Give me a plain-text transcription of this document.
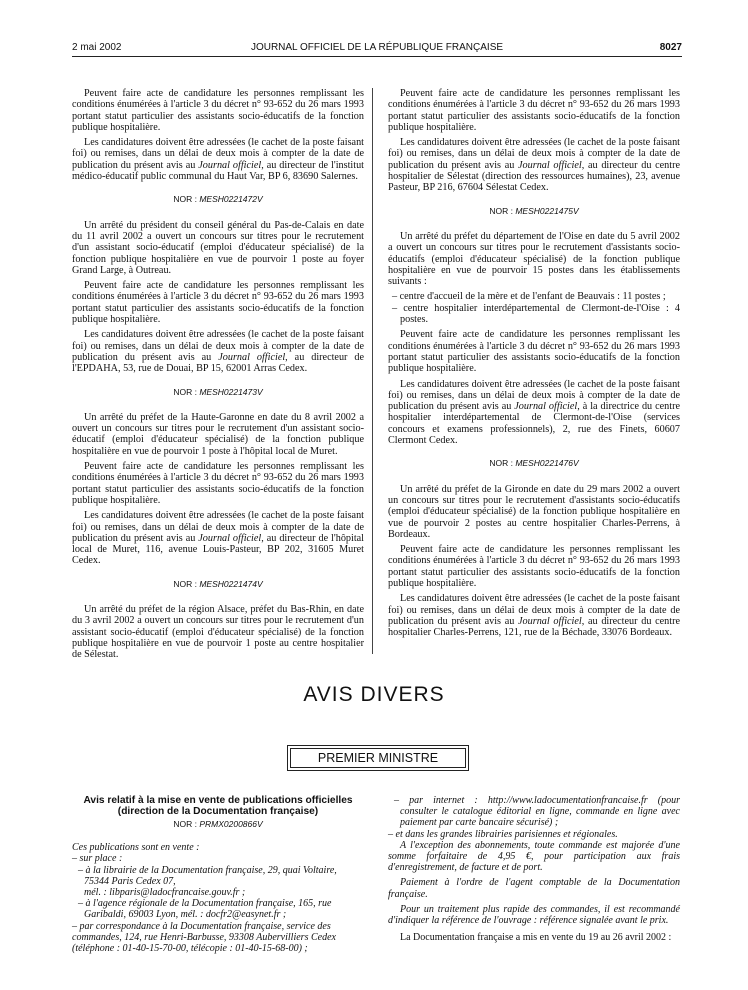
2 mai 2002	JOURNAL OFFICIEL DE LA RÉPUBLIQUE FRANÇAISE	8027

Peuvent faire acte de candidature les personnes remplissant les conditions énumérées à l'article 3 du décret n° 93-652 du 26 mars 1993 portant statut particulier des assistants socio-éducatifs de la fonction publique hospitalière.

Les candidatures doivent être adressées (le cachet de la poste faisant foi) ou remises, dans un délai de deux mois à compter de la date de publication du présent avis au Journal officiel, au directeur de l'institut médico-éducatif public communal du Haut Var, BP 6, 83690 Salernes.

NOR : MESH0221472V

Un arrêté du président du conseil général du Pas-de-Calais en date du 11 avril 2002 a ouvert un concours sur titres pour le recrutement d'un assistant socio-éducatif (emploi d'éducateur spécialisé) de la fonction publique hospitalière en vue de pourvoir 1 poste au foyer Grand Large, à Outreau.

Peuvent faire acte de candidature les personnes remplissant les conditions énumérées à l'article 3 du décret n° 93-652 du 26 mars 1993 portant statut particulier des assistants socio-éducatifs de la fonction publique hospitalière.

Les candidatures doivent être adressées (le cachet de la poste faisant foi) ou remises, dans un délai de deux mois à compter de la date de publication du présent avis au Journal officiel, au directeur de l'EPDAHA, 53, rue de Douai, BP 15, 62001 Arras Cedex.

NOR : MESH0221473V

Un arrêté du préfet de la Haute-Garonne en date du 8 avril 2002 a ouvert un concours sur titres pour le recrutement d'un assistant socio-éducatif (emploi d'éducateur spécialisé) de la fonction publique hospitalière en vue de pourvoir 1 poste à l'hôpital local de Muret.

Peuvent faire acte de candidature les personnes remplissant les conditions énumérées à l'article 3 du décret n° 93-652 du 26 mars 1993 portant statut particulier des assistants socio-éducatifs de la fonction publique hospitalière.

Les candidatures doivent être adressées (le cachet de la poste faisant foi) ou remises, dans un délai de deux mois à compter de la date de publication du présent avis au Journal officiel, au directeur de l'hôpital local de Muret, 116, avenue Louis-Pasteur, BP 202, 31605 Muret Cedex.

NOR : MESH0221474V

Un arrêté du préfet de la région Alsace, préfet du Bas-Rhin, en date du 3 avril 2002 a ouvert un concours sur titres pour le recrutement d'un assistant socio-éducatif (emploi d'éducateur spécialisé) de la fonction publique hospitalière en vue de pourvoir 1 poste au centre hospitalier de Sélestat.

Peuvent faire acte de candidature les personnes remplissant les conditions énumérées à l'article 3 du décret n° 93-652 du 26 mars 1993 portant statut particulier des assistants socio-éducatifs de la fonction publique hospitalière.

Les candidatures doivent être adressées (le cachet de la poste faisant foi) ou remises, dans un délai de deux mois à compter de la date de publication du présent avis au Journal officiel, au directeur du centre hospitalier de Sélestat (direction des ressources humaines), 23, avenue Pasteur, BP 216, 67604 Sélestat Cedex.

NOR : MESH0221475V

Un arrêté du préfet du département de l'Oise en date du 5 avril 2002 a ouvert un concours sur titres pour le recrutement d'assistants socio-éducatifs (emploi d'éducateur spécialisé) de la fonction publique hospitalière en vue de pourvoir 15 postes dans les établissements suivants :

– centre d'accueil de la mère et de l'enfant de Beauvais : 11 postes ;
– centre hospitalier interdépartemental de Clermont-de-l'Oise : 4 postes.

Peuvent faire acte de candidature les personnes remplissant les conditions énumérées à l'article 3 du décret n° 93-652 du 26 mars 1993 portant statut particulier des assistants socio-éducatifs de la fonction publique hospitalière.

Les candidatures doivent être adressées (le cachet de la poste faisant foi) ou remises, dans un délai de deux mois à compter de la date de publication du présent avis au Journal officiel, à la directrice du centre hospitalier interdépartemental de Clermont-de-l'Oise (services concours et examens professionnels), 2, rue des Finets, 60607 Clermont Cedex.

NOR : MESH0221476V

Un arrêté du préfet de la Gironde en date du 29 mars 2002 a ouvert un concours sur titres pour le recrutement d'assistants socio-éducatifs (emploi d'éducateur spécialisé) de la fonction publique hospitalière en vue de pourvoir 2 postes au centre hospitalier Charles-Perrens, à Bordeaux.

Peuvent faire acte de candidature les personnes remplissant les conditions énumérées à l'article 3 du décret n° 93-652 du 26 mars 1993 portant statut particulier des assistants socio-éducatifs de la fonction publique hospitalière.

Les candidatures doivent être adressées (le cachet de la poste faisant foi) ou remises, dans un délai de deux mois à compter de la date de publication du présent avis au Journal officiel, au directeur du centre hospitalier Charles-Perrens, 121, rue de la Béchade, 33076 Bordeaux.

AVIS DIVERS
PREMIER MINISTRE
Avis relatif à la mise en vente de publications officielles
(direction de la Documentation française)
NOR : PRMX0200866V
Ces publications sont en vente :
– sur place :
– à la librairie de la Documentation française, 29, quai Voltaire, 75344 Paris Cedex 07,
mél. : libparis@ladocfrancaise.gouv.fr ;
– à l'agence régionale de la Documentation française, 165, rue Garibaldi, 69003 Lyon, mél. : docfr2@easynet.fr ;
– par correspondance à la Documentation française, service des commandes, 124, rue Henri-Barbusse, 93308 Aubervilliers Cedex (téléphone : 01-40-15-70-00, télécopie : 01-40-15-68-00) ;
– par internet : http://www.ladocumentationfrancaise.fr (pour consulter le catalogue éditorial en ligne, commande en ligne avec paiement par carte bancaire sécurisé) ;
– et dans les grandes librairies parisiennes et régionales.

A l'exception des abonnements, toute commande est majorée d'une somme forfaitaire de 4,95 €, pour participation aux frais d'enregistrement, de facture et de port.

Paiement à l'ordre de l'agent comptable de la Documentation française.

Pour un traitement plus rapide des commandes, il est recommandé d'indiquer la référence de l'ouvrage : référence signalée avant le prix.

La Documentation française a mis en vente du 19 au 26 avril 2002 :
